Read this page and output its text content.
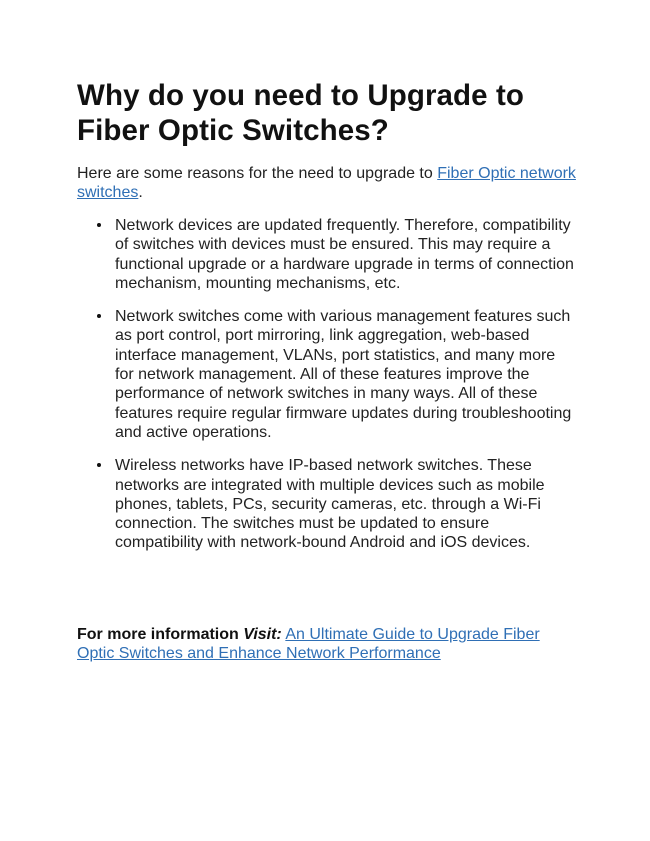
Why do you need to Upgrade to Fiber Optic Switches?

Here are some reasons for the need to upgrade to Fiber Optic network switches.

Network devices are updated frequently. Therefore, compatibility of switches with devices must be ensured. This may require a functional upgrade or a hardware upgrade in terms of connection mechanism, mounting mechanisms, etc.
Network switches come with various management features such as port control, port mirroring, link aggregation, web-based interface management, VLANs, port statistics, and many more for network management. All of these features improve the performance of network switches in many ways. All of these features require regular firmware updates during troubleshooting and active operations.
Wireless networks have IP-based network switches. These networks are integrated with multiple devices such as mobile phones, tablets, PCs, security cameras, etc. through a Wi-Fi connection. The switches must be updated to ensure compatibility with network-bound Android and iOS devices.

For more information Visit: An Ultimate Guide to Upgrade Fiber Optic Switches and Enhance Network Performance
